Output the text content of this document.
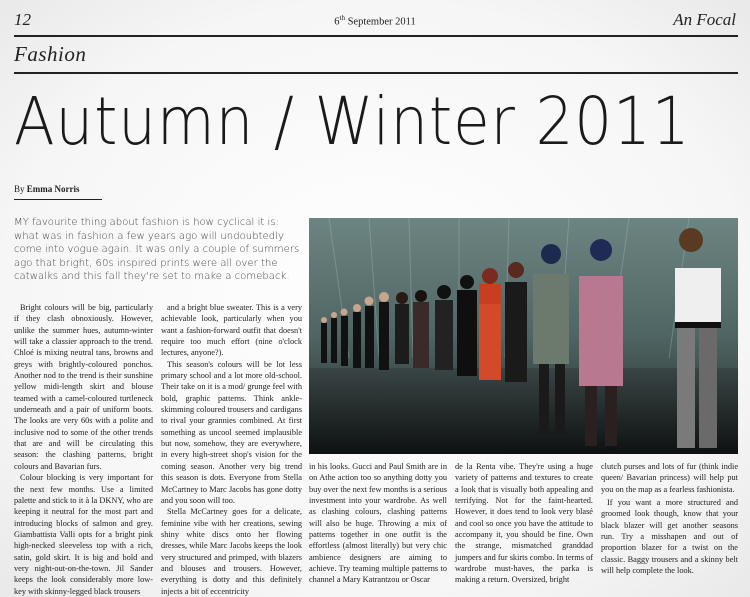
12	6th September 2011	An Focal
Fashion
Autumn / Winter 2011
By Emma Norris
MY favourite thing about fashion is how cyclical it is: what was in fashion a few years ago will undoubtedly come into vogue again. It was only a couple of summers ago that bright, 60s inspired prints were all over the catwalks and this fall they're set to make a comeback.

Bright colours will be big, particularly if they clash obnoxiously. However, unlike the summer hues, autumn-winter will take a classier approach to the trend. Chloé is mixing neutral tans, browns and greys with brightly-coloured ponchos. Another nod to the trend is their sunshine yellow midi-length skirt and blouse teamed with a camel-coloured turtleneck underneath and a pair of uniform boots. The looks are very 60s with a polite and inclusive nod to some of the other trends that are and will be circulating this season: the clashing patterns, bright colours and Bavarian furs.

Colour blocking is very important for the next few months. Use a limited palette and stick to it à la DKNY, who are keeping it neutral for the most part and introducing blocks of salmon and grey. Giambattista Valli opts for a bright pink high-necked sleeveless top with a rich, satin, gold skirt. It is big and bold and very night-out-on-the-town. Jil Sander keeps the look considerably more low-key with skinny-legged black trousers

and a bright blue sweater. This is a very achievable look, particularly when you want a fashion-forward outfit that doesn't require too much effort (nine o'clock lectures, anyone?).

This season's colours will be lot less primary school and a lot more old-school. Their take on it is a mod/ grunge feel with bold, graphic patterns. Think ankle-skimming coloured trousers and cardigans to rival your grannies combined. At first something as uncool seemed implausible but now, somehow, they are everywhere, in every high-street shop's vision for the coming season. Another very big trend this season is dots. Everyone from Stella McCartney to Marc Jacobs has gone dotty and you soon will too.

Stella McCartney goes for a delicate, feminine vibe with her creations, sewing shiny white discs onto her flowing dresses, while Marc Jacobs keeps the look very structured and primped, with blazers and blouses and trousers. However, everything is dotty and this definitely injects a bit of eccentricity

in his looks. Gucci and Paul Smith are in on Athe action too so anything dotty you buy over the next few months is a serious investment into your wardrobe. As well as clashing colours, clashing patterns will also be huge. Throwing a mix of patterns together in one outfit is the effortless (almost literally) but very chic ambience designers are aiming to achieve. Try teaming multiple patterns to channel a Mary Katrantzou or Oscar

de la Renta vibe. They're using a huge variety of patterns and textures to create a look that is visually both appealing and terrifying. Not for the faint-hearted. However, it does tend to look very blasé and cool so once you have the attitude to accompany it, you should be fine. Own the strange, mismatched granddad jumpers and fur skirts combo. In terms of wardrobe must-haves, the parka is making a return. Oversized, bright

clutch purses and lots of fur (think indie queen/ Bavarian princess) will help put you on the map as a fearless fashionista.

If you want a more structured and groomed look though, know that your black blazer will get another seasons run. Try a misshapen and out of proportion blazer for a twist on the classic. Baggy trousers and a skinny belt will help complete the look.
